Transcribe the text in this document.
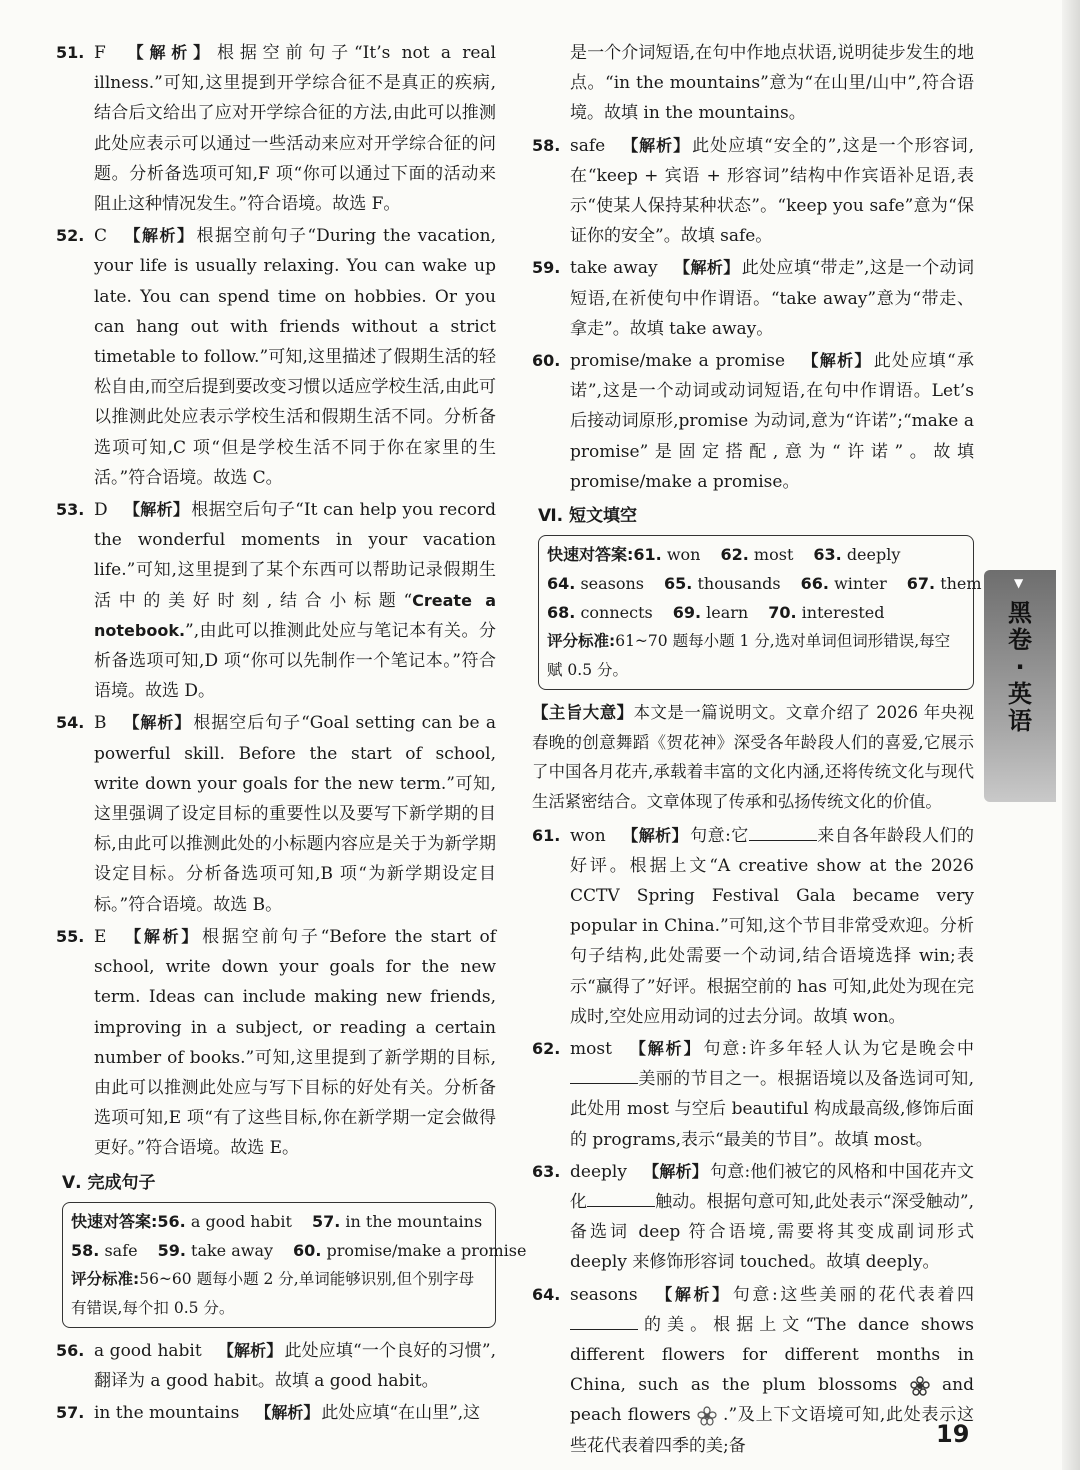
51. F 【解析】 根据空前句子“It’s not a real illness.”可知,这里提到开学综合征不是真正的疾病,结合后文给出了应对开学综合征的方法,由此可以推测此处应表示可以通过一些活动来应对开学综合征的问题。分析备选项可知,F 项“你可以通过下面的活动来阻止这种情况发生。”符合语境。故选 F。
52. C 【解析】 根据空前句子“During the vacation, your life is usually relaxing. You can wake up late. You can spend time on hobbies. Or you can hang out with friends without a strict timetable to follow.”可知,这里描述了假期生活的轻松自由,而空后提到要改变习惯以适应学校生活,由此可以推测此处应表示学校生活和假期生活不同。分析备选项可知,C 项“但是学校生活不同于你在家里的生活。”符合语境。故选 C。
53. D 【解析】 根据空后句子“It can help you record the wonderful moments in your vacation life.”可知,这里提到了某个东西可以帮助记录假期生活中的美好时刻,结合小标题“Create a notebook.”,由此可以推测此处应与笔记本有关。分析备选项可知,D 项“你可以先制作一个笔记本。”符合语境。故选 D。
54. B 【解析】 根据空后句子“Goal setting can be a powerful skill. Before the start of school, write down your goals for the new term.”可知,这里强调了设定目标的重要性以及要写下新学期的目标,由此可以推测此处的小标题内容应是关于为新学期设定目标。分析备选项可知,B 项“为新学期设定目标。”符合语境。故选 B。
55. E 【解析】 根据空前句子“Before the start of school, write down your goals for the new term. Ideas can include making new friends, improving in a subject, or reading a certain number of books.”可知,这里提到了新学期的目标,由此可以推测此处应与写下目标的好处有关。分析备选项可知,E 项“有了这些目标,你在新学期一定会做得更好。”符合语境。故选 E。
Ⅴ. 完成句子
快速对答案:56. a good habit 57. in the mountains
58. safe 59. take away 60. promise/make a promise
评分标准:56~60 题每小题 2 分,单词能够识别,但个别字母有错误,每个扣 0.5 分。
56. a good habit 【解析】 此处应填“一个良好的习惯”,翻译为 a good habit。故填 a good habit。
57. in the mountains 【解析】 此处应填“在山里”,这
是一个介词短语,在句中作地点状语,说明徒步发生的地点。“in the mountains”意为“在山里/山中”,符合语境。故填 in the mountains。
58. safe 【解析】 此处应填“安全的”,这是一个形容词,在“keep + 宾语 + 形容词”结构中作宾语补足语,表示“使某人保持某种状态”。“keep you safe”意为“保证你的安全”。故填 safe。
59. take away 【解析】 此处应填“带走”,这是一个动词短语,在祈使句中作谓语。“take away”意为“带走、拿走”。故填 take away。
60. promise/make a promise 【解析】 此处应填“承诺”,这是一个动词或动词短语,在句中作谓语。Let’s 后接动词原形,promise 为动词,意为“许诺”;“make a promise”是固定搭配,意为“许诺”。故填 promise/make a promise。
Ⅵ. 短文填空
快速对答案:61. won 62. most 63. deeply
64. seasons 65. thousands 66. winter 67. them
68. connects 69. learn 70. interested
评分标准:61~70 题每小题 1 分,选对单词但词形错误,每空赋 0.5 分。
【主旨大意】本文是一篇说明文。文章介绍了 2026 年央视春晚的创意舞蹈《贺花神》深受各年龄段人们的喜爱,它展示了中国各月花卉,承载着丰富的文化内涵,还将传统文化与现代生活紧密结合。文章体现了传承和弘扬传统文化的价值。
61. won 【解析】 句意:它	来自各年龄段人们的好评。根据上文“A creative show at the 2026 CCTV Spring Festival Gala became very popular in China.”可知,这个节目非常受欢迎。分析句子结构,此处需要一个动词,结合语境选择 win;表示“赢得了”好评。根据空前的 has 可知,此处为现在完成时,空处应用动词的过去分词。故填 won。
62. most 【解析】 句意:许多年轻人认为它是晚会中美丽的节目之一。根据语境以及备选词可知,此处用 most 与空后 beautiful 构成最高级,修饰后面的 programs,表示“最美的节目”。故填 most。
63. deeply 【解析】 句意:他们被它的风格和中国花卉文化	触动。根据句意可知,此处表示“深受触动”,备选词 deep 符合语境,需要将其变成副词形式 deeply 来修饰形容词 touched。故填 deeply。
64. seasons 【解析】 句意:这些美丽的花代表着四的美。根据上文“The dance shows different flowers for different months in China, such as the plum blossoms	and peach flowers .”及上下文语境可知,此处表示这些花代表着四季的美;备
▼
黑
卷
·
英
语
19
